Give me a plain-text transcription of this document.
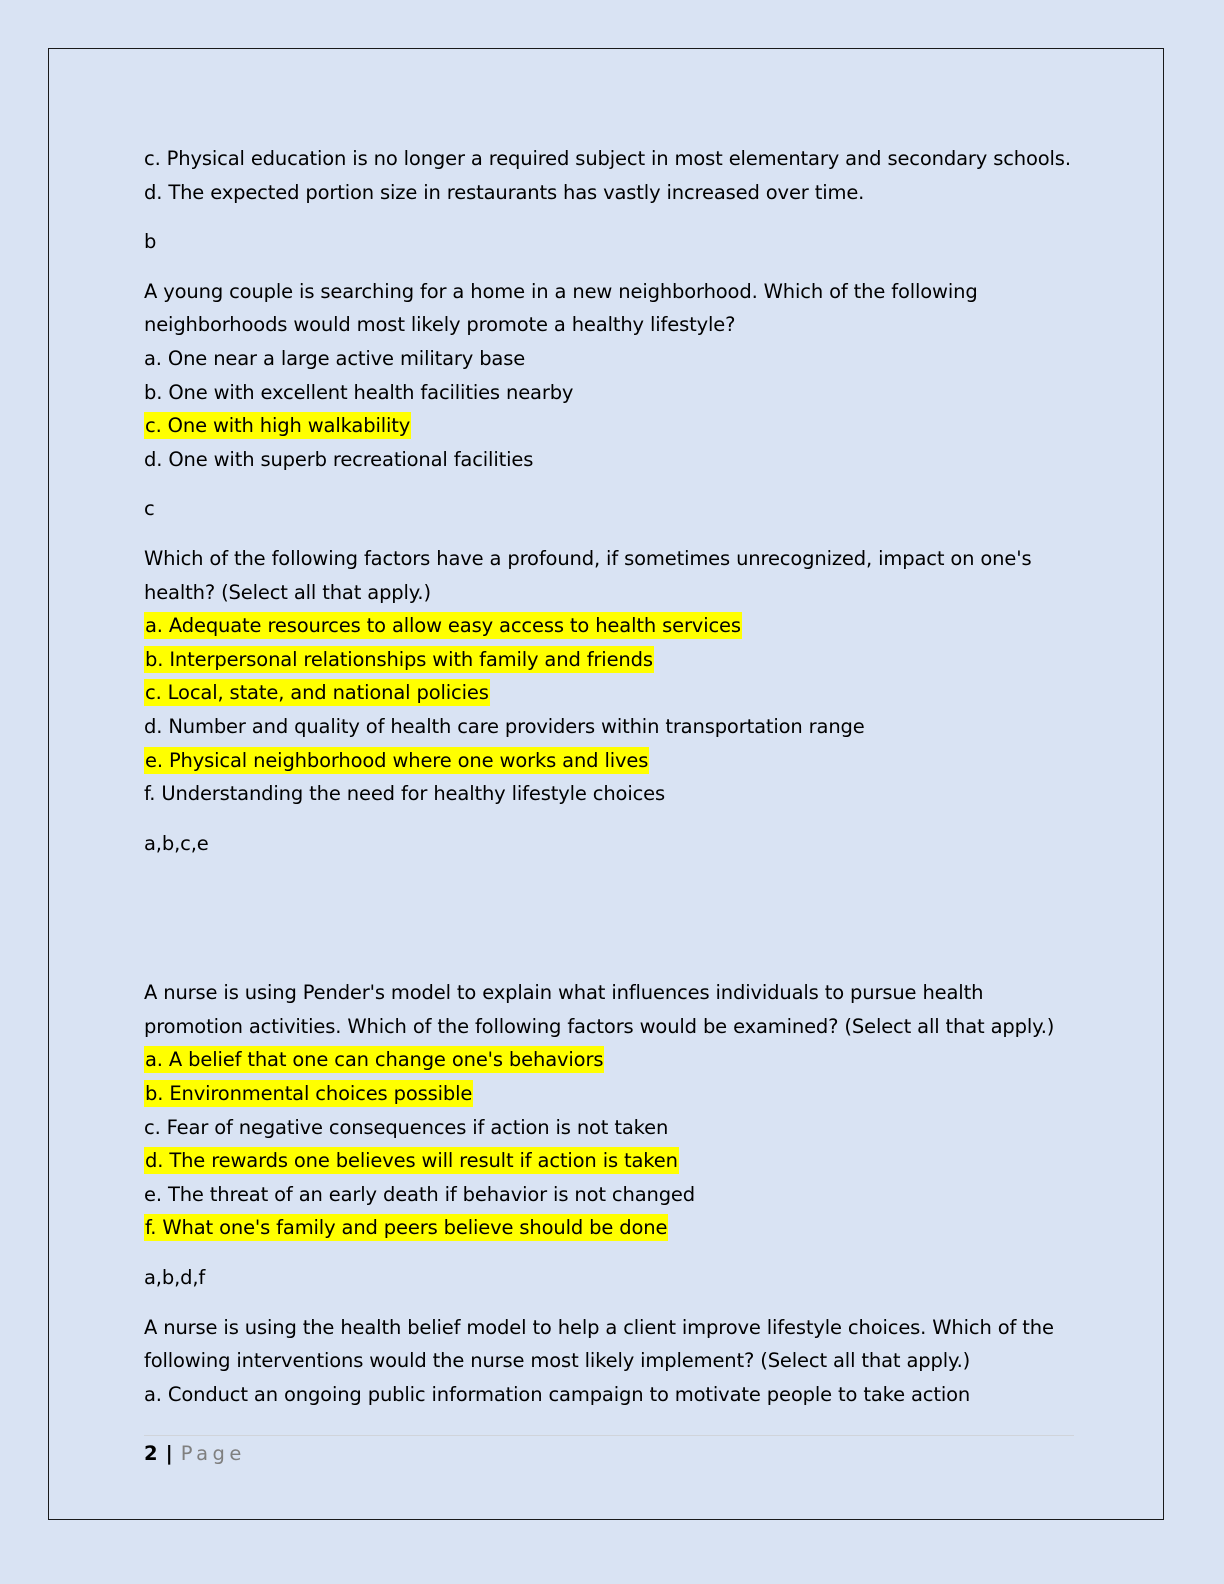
c. Physical education is no longer a required subject in most elementary and secondary schools.

d. The expected portion size in restaurants has vastly increased over time.

b

A young couple is searching for a home in a new neighborhood. Which of the following

neighborhoods would most likely promote a healthy lifestyle?

a. One near a large active military base

b. One with excellent health facilities nearby

c. One with high walkability

d. One with superb recreational facilities

c

Which of the following factors have a profound, if sometimes unrecognized, impact on one's

health? (Select all that apply.)

a. Adequate resources to allow easy access to health services

b. Interpersonal relationships with family and friends

c. Local, state, and national policies

d. Number and quality of health care providers within transportation range

e. Physical neighborhood where one works and lives

f. Understanding the need for healthy lifestyle choices

a,b,c,e

A nurse is using Pender's model to explain what influences individuals to pursue health

promotion activities. Which of the following factors would be examined? (Select all that apply.)

a. A belief that one can change one's behaviors

b. Environmental choices possible

c. Fear of negative consequences if action is not taken

d. The rewards one believes will result if action is taken

e. The threat of an early death if behavior is not changed

f. What one's family and peers believe should be done

a,b,d,f

A nurse is using the health belief model to help a client improve lifestyle choices. Which of the

following interventions would the nurse most likely implement? (Select all that apply.)

a. Conduct an ongoing public information campaign to motivate people to take action

2 | Page
